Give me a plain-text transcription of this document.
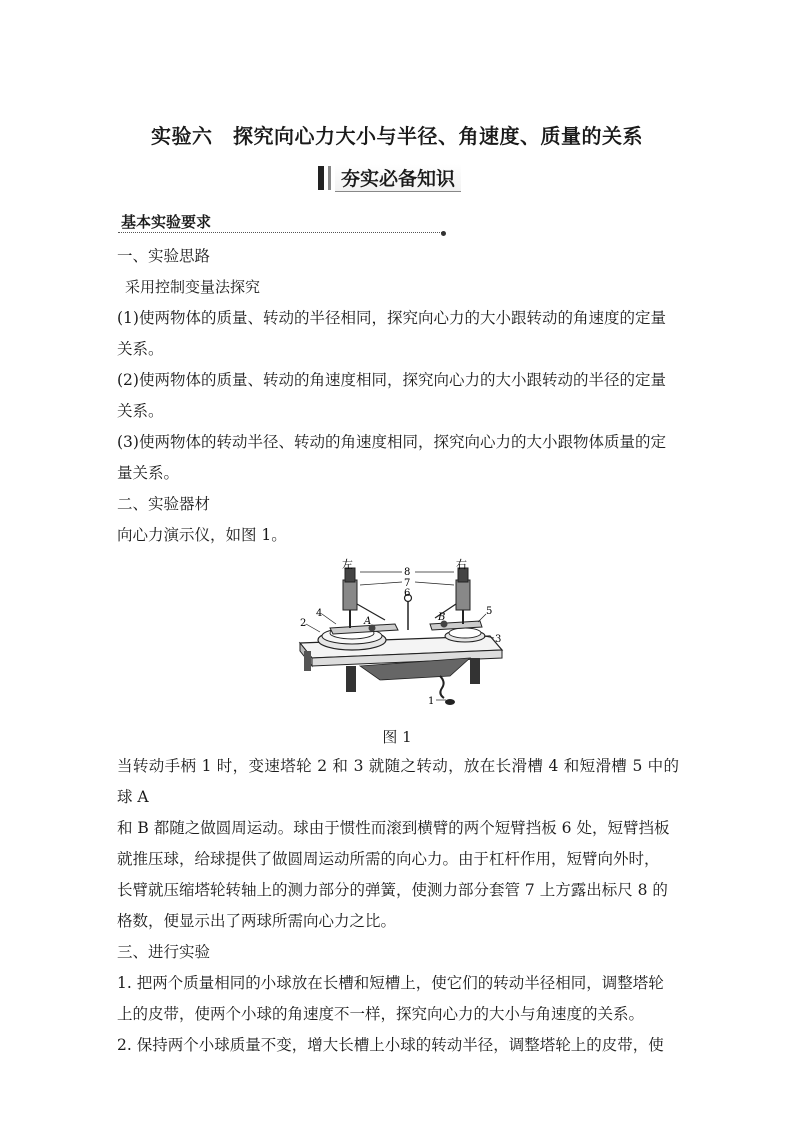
实验六　探究向心力大小与半径、角速度、质量的关系
夯实必备知识
基本实验要求

一、实验思路

采用控制变量法探究

(1)使两物体的质量、转动的半径相同，探究向心力的大小跟转动的角速度的定量

关系。

(2)使两物体的质量、转动的角速度相同，探究向心力的大小跟转动的半径的定量

关系。

(3)使两物体的转动半径、转动的角速度相同，探究向心力的大小跟物体质量的定

量关系。

二、实验器材

向心力演示仪，如图 1。

左	右
8
7
6
4
2
5
3
1
A	B
图 1

当转动手柄 1 时，变速塔轮 2 和 3 就随之转动，放在长滑槽 4 和短滑槽 5 中的球 A

和 B 都随之做圆周运动。球由于惯性而滚到横臂的两个短臂挡板 6 处，短臂挡板

就推压球，给球提供了做圆周运动所需的向心力。由于杠杆作用，短臂向外时，

长臂就压缩塔轮转轴上的测力部分的弹簧，使测力部分套管 7 上方露出标尺 8 的

格数，便显示出了两球所需向心力之比。

三、进行实验

1. 把两个质量相同的小球放在长槽和短槽上，使它们的转动半径相同，调整塔轮

上的皮带，使两个小球的角速度不一样，探究向心力的大小与角速度的关系。

2. 保持两个小球质量不变，增大长槽上小球的转动半径，调整塔轮上的皮带，使
